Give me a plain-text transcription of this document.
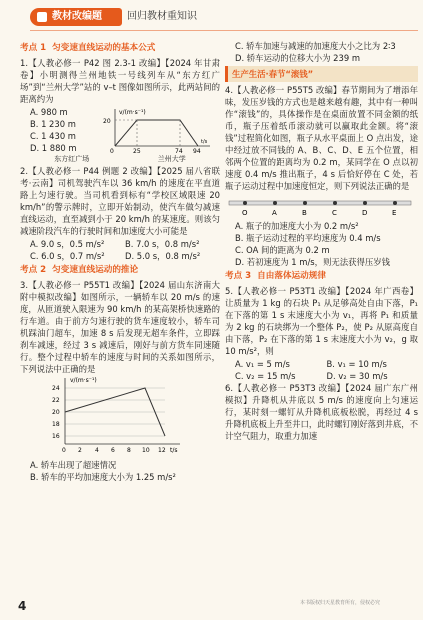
教材改编题	回归教材重知识
考点 1 匀变速直线运动的基本公式
1.【人教必修一 P42 图 2.3-1 改编】【2024 年甘肃卷】小明测得兰州地铁一号线列车从“东方红广场”到“兰州大学”站的 v–t 图像如图所示，此两站间的距离约为
A. 980 m
B. 1 230 m
C. 1 430 m
D. 1 880 m
v/(m·s⁻¹)
20
0	25	74 94
t/s
东方红广场	兰州大学
2.【人教必修一 P44 例题 2 改编】【2025 届八省联考·云南】司机驾驶汽车以 36 km/h 的速度在平直道路上匀速行驶。当司机看到标有“学校区域限速 20 km/h”的警示牌时，立即开始制动，使汽车做匀减速直线运动，直至减到小于 20 km/h 的某速度。则该匀减速阶段汽车的行驶时间和加速度大小可能是
A. 9.0 s，0.5 m/s²	B. 7.0 s，0.8 m/s²
C. 6.0 s，0.7 m/s²	D. 5.0 s，0.8 m/s²
考点 2 匀变速直线运动的推论
3.【人教必修一 P55T1 改编】【2024 届山东济南大附中模拟改编】如图所示，一辆轿车以 20 m/s 的速度，从匝道驶入限速为 90 km/h 的某高架桥快速路的行车道。由于前方匀速行驶的货车速度较小，轿车司机踩油门超车，加速 8 s 后发现无超车条件，立即踩刹车减速，经过 3 s 减速后，刚好与前方货车同速随行。整个过程中轿车的速度与时间的关系如图所示，下列说法中正确的是
v/(m·s⁻¹)
24
22
20
18
16
0 2 4 6 8 10 12 t/s
A. 轿车出现了超速情况
B. 轿车的平均加速度大小为 1.25 m/s²
C. 轿车加速与减速的加速度大小之比为 2∶3
D. 轿车运动的位移大小为 239 m
生产生活·春节“滚钱”
4.【人教必修一 P55T5 改编】春节期间为了增添年味，发压岁钱的方式也是越来越有趣，其中有一种叫作“滚钱”的，具体操作是在桌面放置不同金额的纸币，瓶子压着纸币滚动就可以赢取此金额。将“滚钱”过程简化如图，瓶子从水平桌面上 O 点出发，途中经过放不同钱的 A、B、C、D、E 五个位置，相邻两个位置的距离均为 0.2 m，某同学在 O 点以初速度 0.4 m/s 推出瓶子，4 s 后恰好停在 C 处，若瓶子运动过程中加速度恒定，则下列说法正确的是
O	A	B	C	D	E
A. 瓶子的加速度大小为 0.2 m/s²
B. 瓶子运动过程的平均速度为 0.4 m/s
C. OA 间的距离为 0.2 m
D. 若初速度为 1 m/s，则无法获得压岁钱
考点 3 自由落体运动规律
5.【人教必修一 P53T1 改编】【2024 年广西卷】让质量为 1 kg 的石块 P₁ 从足够高处自由下落，P₁ 在下落的第 1 s 末速度大小为 v₁，再将 P₁ 和质量为 2 kg 的石块绑为一个整体 P₂，使 P₂ 从原高度自由下落，P₂ 在下落的第 1 s 末速度大小为 v₂，g 取 10 m/s²，则
A. v₁ = 5 m/s	B. v₁ = 10 m/s
C. v₂ = 15 m/s	D. v₂ = 30 m/s
6.【人教必修一 P53T3 改编】【2024 届广东广州模拟】升降机从井底以 5 m/s 的速度向上匀速运行，某时刻一螺钉从升降机底板松脱，再经过 4 s 升降机底板上升至井口，此时螺钉刚好落到井底，不计空气阻力，取重力加速
4	本书版权归天星教育所有，侵权必究
